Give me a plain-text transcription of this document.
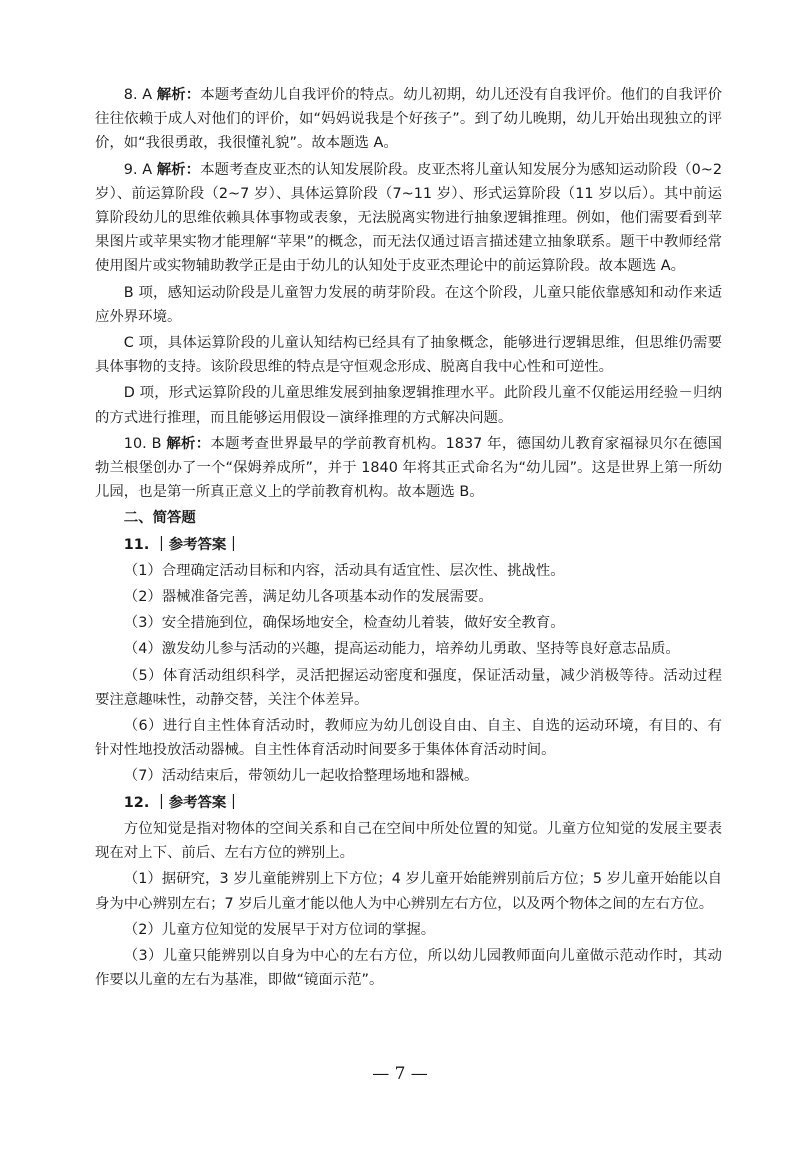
8. A 解析：本题考查幼儿自我评价的特点。幼儿初期，幼儿还没有自我评价。他们的自我评价往往依赖于成人对他们的评价，如“妈妈说我是个好孩子”。到了幼儿晚期，幼儿开始出现独立的评价，如“我很勇敢，我很懂礼貌”。故本题选 A。

9. A 解析：本题考查皮亚杰的认知发展阶段。皮亚杰将儿童认知发展分为感知运动阶段（0~2 岁）、前运算阶段（2~7 岁）、具体运算阶段（7~11 岁）、形式运算阶段（11 岁以后）。其中前运算阶段幼儿的思维依赖具体事物或表象，无法脱离实物进行抽象逻辑推理。例如，他们需要看到苹果图片或苹果实物才能理解“苹果”的概念，而无法仅通过语言描述建立抽象联系。题干中教师经常使用图片或实物辅助教学正是由于幼儿的认知处于皮亚杰理论中的前运算阶段。故本题选 A。

B 项，感知运动阶段是儿童智力发展的萌芽阶段。在这个阶段，儿童只能依靠感知和动作来适应外界环境。

C 项，具体运算阶段的儿童认知结构已经具有了抽象概念，能够进行逻辑思维，但思维仍需要具体事物的支持。该阶段思维的特点是守恒观念形成、脱离自我中心性和可逆性。

D 项，形式运算阶段的儿童思维发展到抽象逻辑推理水平。此阶段儿童不仅能运用经验－归纳的方式进行推理，而且能够运用假设－演绎推理的方式解决问题。

10. B 解析：本题考查世界最早的学前教育机构。1837 年，德国幼儿教育家福禄贝尔在德国勃兰根堡创办了一个“保姆养成所”，并于 1840 年将其正式命名为“幼儿园”。这是世界上第一所幼儿园，也是第一所真正意义上的学前教育机构。故本题选 B。

二、简答题

11. ｜参考答案｜

（1）合理确定活动目标和内容，活动具有适宜性、层次性、挑战性。

（2）器械准备完善，满足幼儿各项基本动作的发展需要。

（3）安全措施到位，确保场地安全，检查幼儿着装，做好安全教育。

（4）激发幼儿参与活动的兴趣，提高运动能力，培养幼儿勇敢、坚持等良好意志品质。

（5）体育活动组织科学，灵活把握运动密度和强度，保证活动量，减少消极等待。活动过程要注意趣味性，动静交替，关注个体差异。

（6）进行自主性体育活动时，教师应为幼儿创设自由、自主、自选的运动环境，有目的、有针对性地投放活动器械。自主性体育活动时间要多于集体体育活动时间。

（7）活动结束后，带领幼儿一起收拾整理场地和器械。

12. ｜参考答案｜

方位知觉是指对物体的空间关系和自己在空间中所处位置的知觉。儿童方位知觉的发展主要表现在对上下、前后、左右方位的辨别上。

（1）据研究，3 岁儿童能辨别上下方位；4 岁儿童开始能辨别前后方位；5 岁儿童开始能以自身为中心辨别左右；7 岁后儿童才能以他人为中心辨别左右方位，以及两个物体之间的左右方位。

（2）儿童方位知觉的发展早于对方位词的掌握。

（3）儿童只能辨别以自身为中心的左右方位，所以幼儿园教师面向儿童做示范动作时，其动作要以儿童的左右为基准，即做“镜面示范”。

— 7 —
